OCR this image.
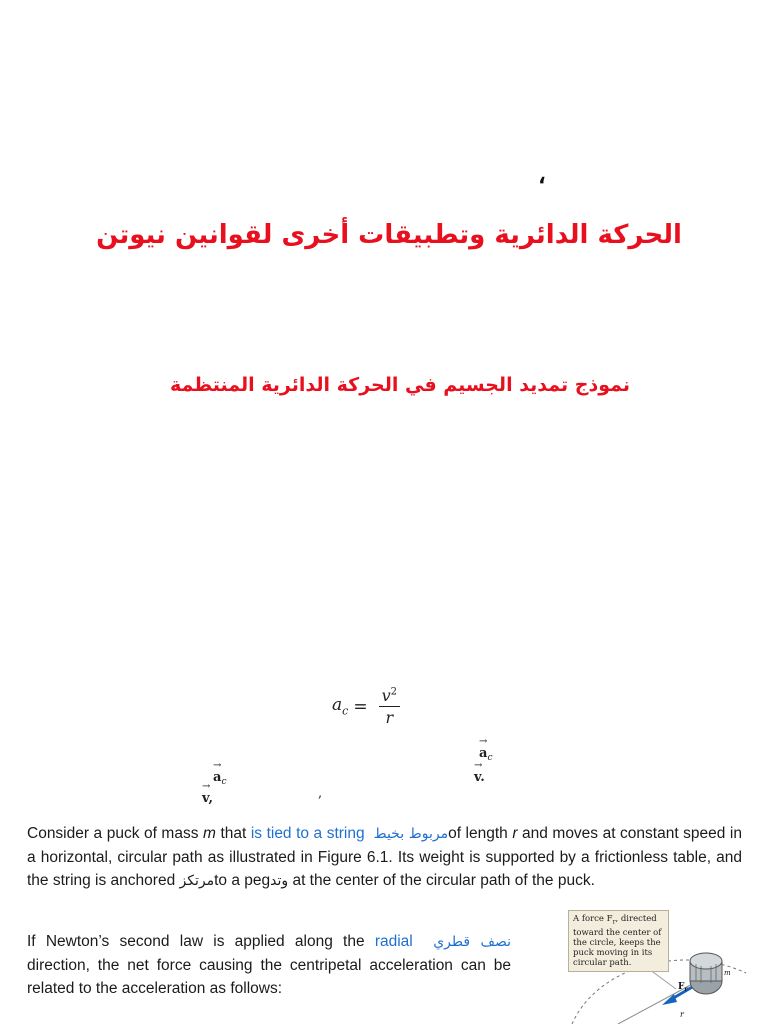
،
الحركة الدائرية وتطبيقات أخرى لقوانين نيوتن
نموذج تمديد الجسيم في الحركة الدائرية المنتظمة
$a_c = \frac{v^2}{r}$
→
$a_c$
→
v.
→
$a_c$
→
v,	,
Consider a puck of mass m that is tied to a string مربوط بخيطof length r and moves at constant speed in a horizontal, circular path as illustrated in Figure 6.1. Its weight is supported by a frictionless table, and the string is anchored مرتكزto a pegوتد at the center of the circular path of the puck.
If Newton’s second law is applied along the radial نصف قطري direction, the net force causing the centripetal acceleration can be related to the acceleration as follows:	$F_r$
m
r
A force $F_r$, directed toward the center of the circle, keeps the puck moving in its circular path.
